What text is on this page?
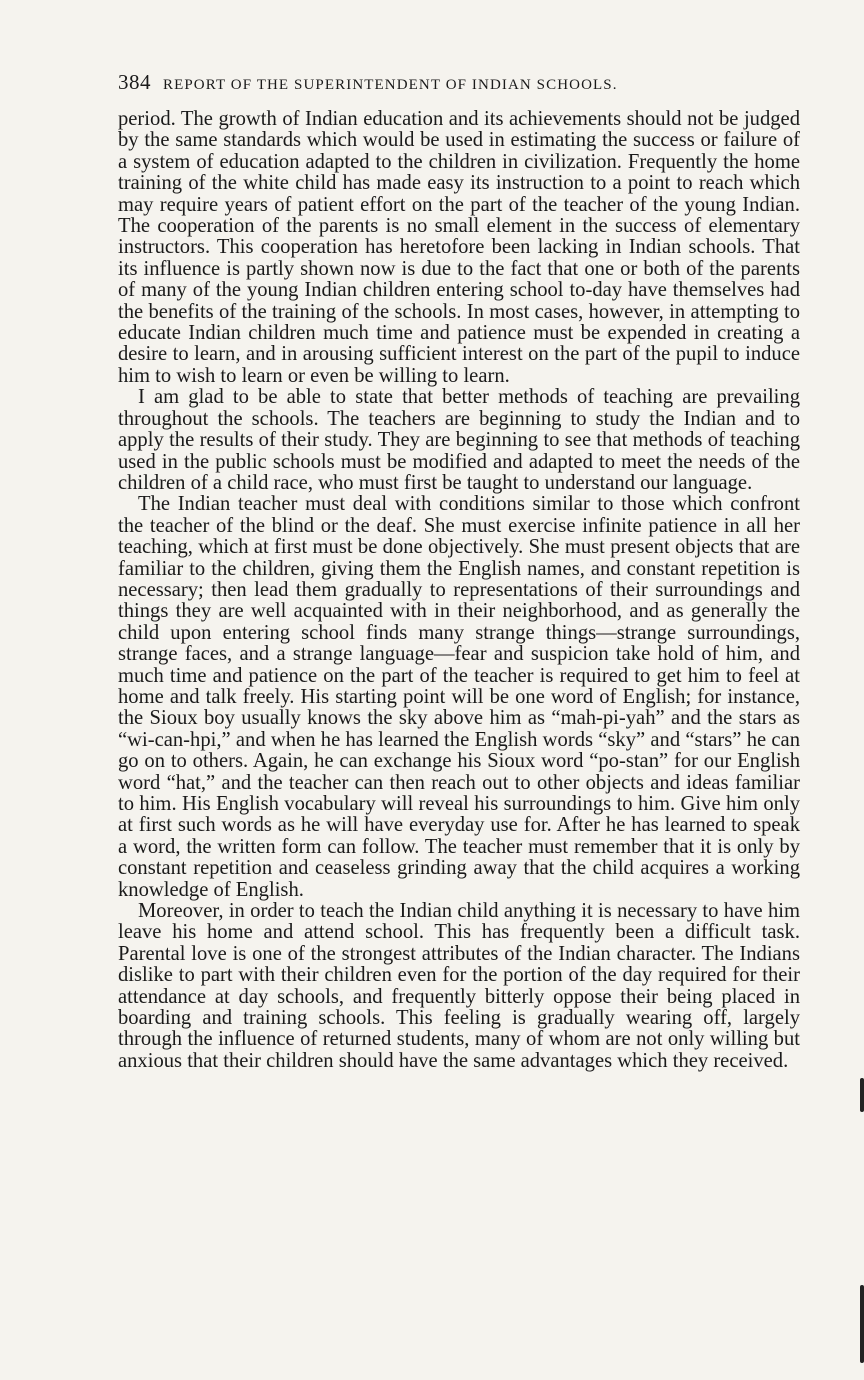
384 REPORT OF THE SUPERINTENDENT OF INDIAN SCHOOLS.

period. The growth of Indian education and its achievements should not be judged by the same standards which would be used in estimating the success or failure of a system of education adapted to the children in civilization. Frequently the home training of the white child has made easy its instruction to a point to reach which may require years of patient effort on the part of the teacher of the young Indian. The cooperation of the parents is no small element in the success of elementary instructors. This cooperation has heretofore been lacking in Indian schools. That its influence is partly shown now is due to the fact that one or both of the parents of many of the young Indian children entering school to-day have themselves had the benefits of the training of the schools. In most cases, however, in attempting to educate Indian children much time and patience must be expended in creating a desire to learn, and in arousing sufficient interest on the part of the pupil to induce him to wish to learn or even be willing to learn.

I am glad to be able to state that better methods of teaching are prevailing throughout the schools. The teachers are beginning to study the Indian and to apply the results of their study. They are beginning to see that methods of teaching used in the public schools must be modified and adapted to meet the needs of the children of a child race, who must first be taught to understand our language.

The Indian teacher must deal with conditions similar to those which confront the teacher of the blind or the deaf. She must exercise infinite patience in all her teaching, which at first must be done objectively. She must present objects that are familiar to the children, giving them the English names, and constant repetition is necessary; then lead them gradually to representations of their surroundings and things they are well acquainted with in their neighborhood, and as generally the child upon entering school finds many strange things—strange surroundings, strange faces, and a strange language—fear and suspicion take hold of him, and much time and patience on the part of the teacher is required to get him to feel at home and talk freely. His starting point will be one word of English; for instance, the Sioux boy usually knows the sky above him as “mah-pi-yah” and the stars as “wi-can-hpi,” and when he has learned the English words “sky” and “stars” he can go on to others. Again, he can exchange his Sioux word “po-stan” for our English word “hat,” and the teacher can then reach out to other objects and ideas familiar to him. His English vocabulary will reveal his surroundings to him. Give him only at first such words as he will have everyday use for. After he has learned to speak a word, the written form can follow. The teacher must remember that it is only by constant repetition and ceaseless grinding away that the child acquires a working knowledge of English.

Moreover, in order to teach the Indian child anything it is necessary to have him leave his home and attend school. This has frequently been a difficult task. Parental love is one of the strongest attributes of the Indian character. The Indians dislike to part with their children even for the portion of the day required for their attendance at day schools, and frequently bitterly oppose their being placed in boarding and training schools. This feeling is gradually wearing off, largely through the influence of returned students, many of whom are not only willing but anxious that their children should have the same advantages which they received.
